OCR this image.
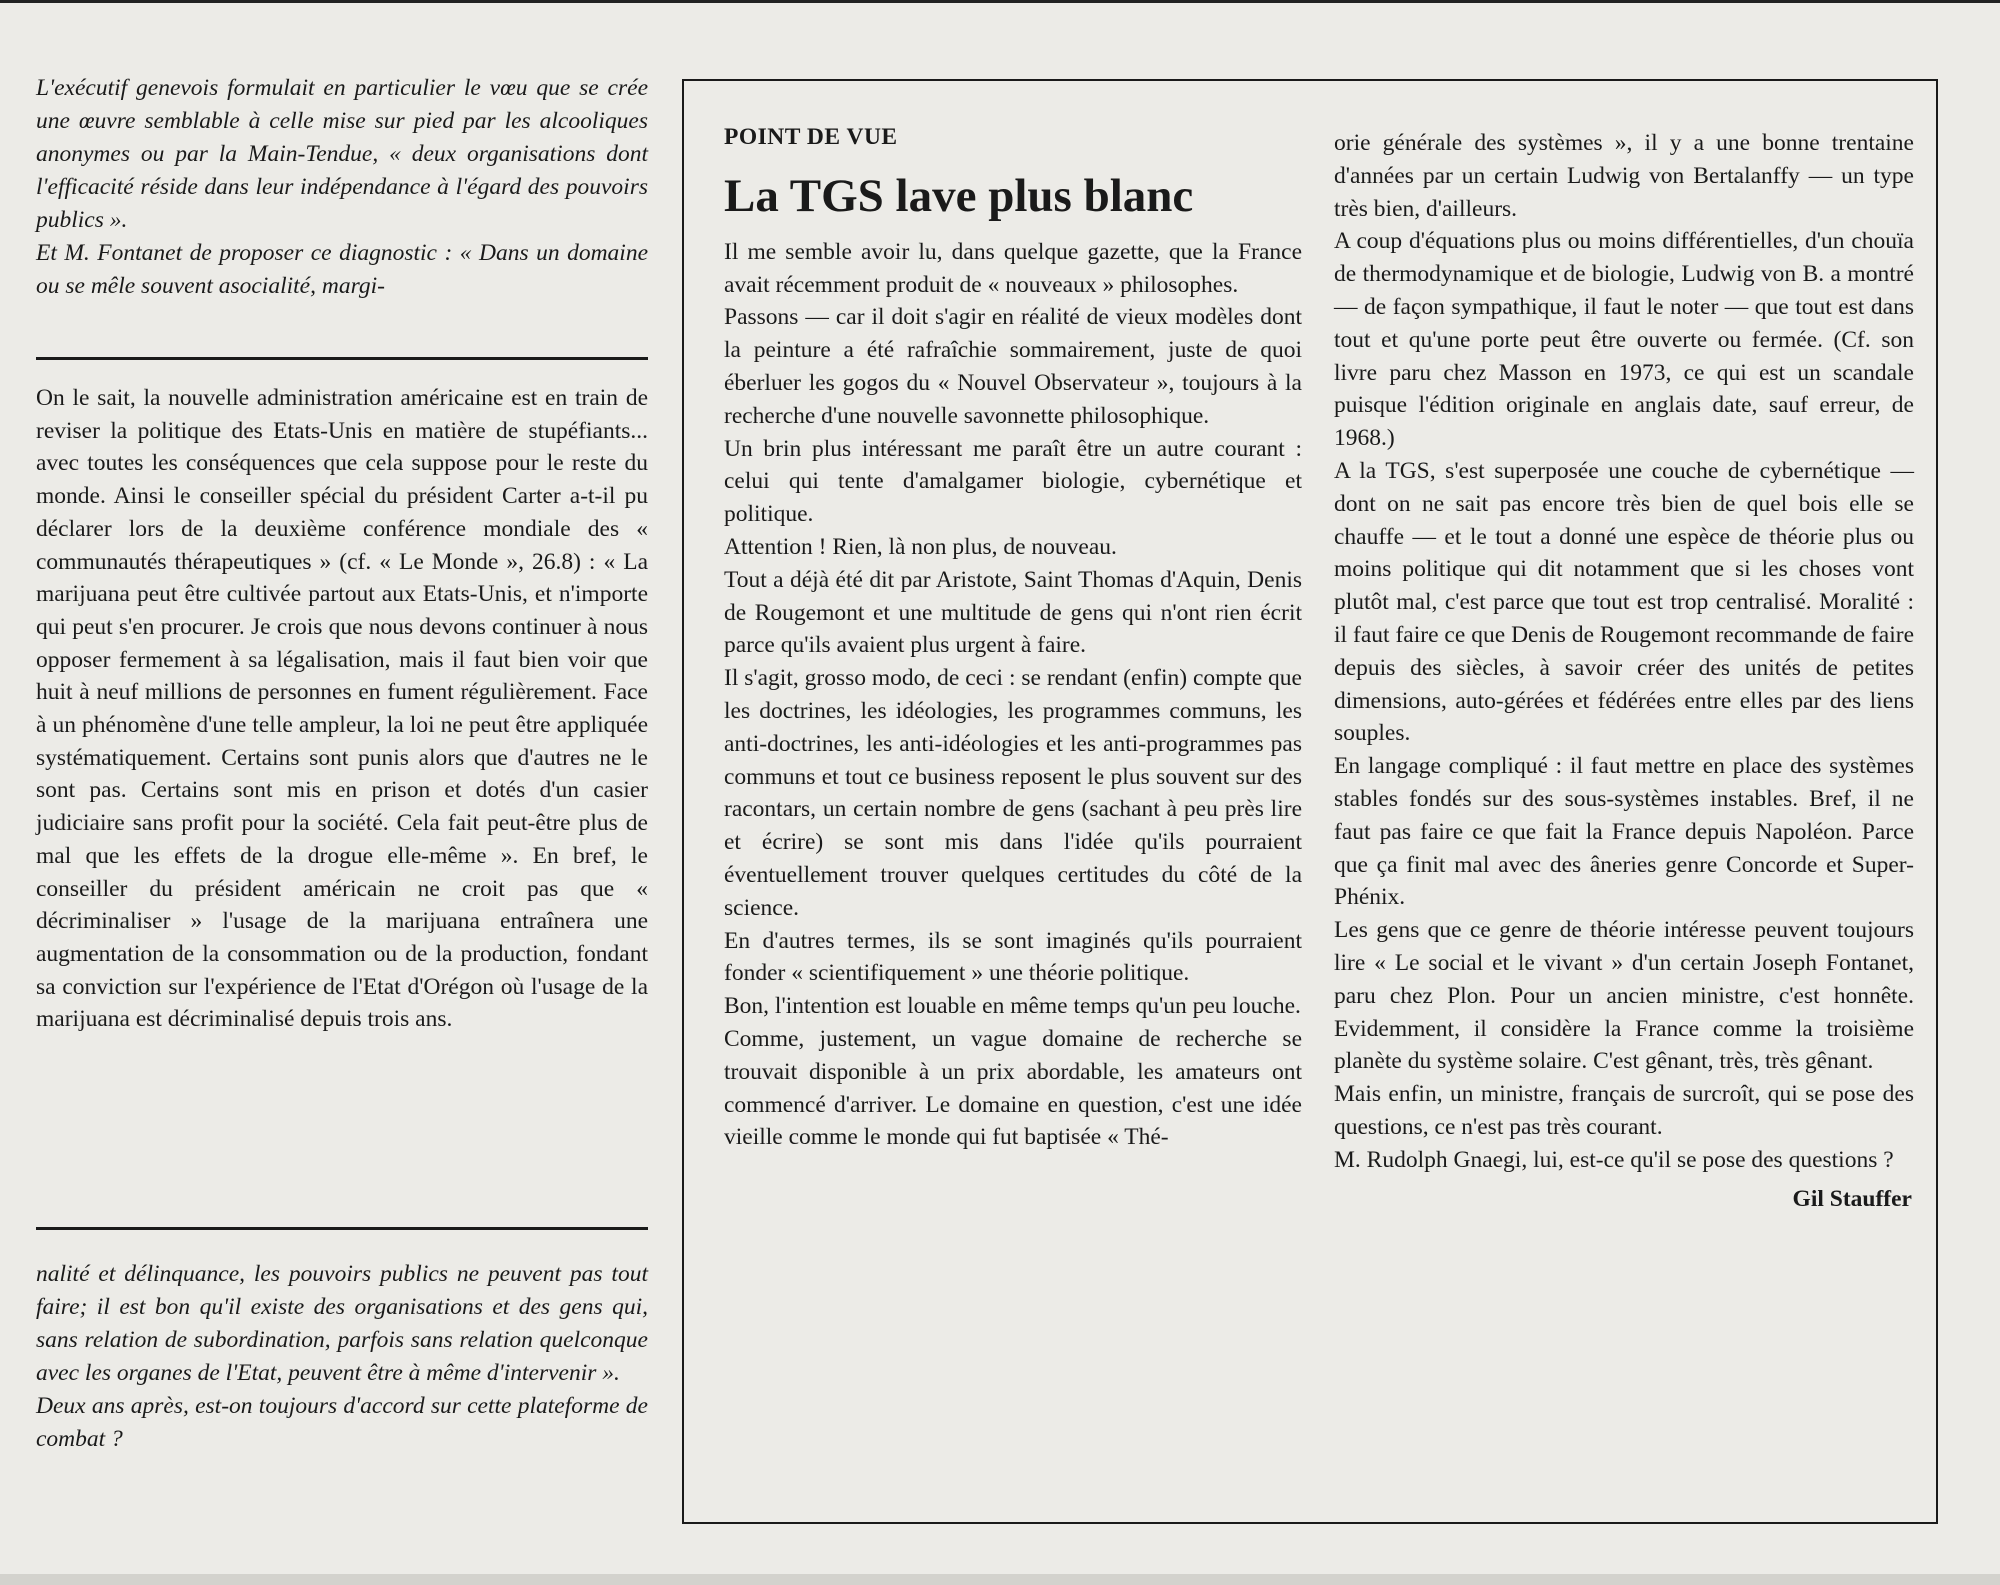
L'exécutif genevois formulait en particulier le vœu que se crée une œuvre semblable à celle mise sur pied par les alcooliques anonymes ou par la Main-Tendue, « deux organisations dont l'efficacité réside dans leur indépendance à l'égard des pouvoirs publics ».

Et M. Fontanet de proposer ce diagnostic : « Dans un domaine ou se mêle souvent asocialité, margi-

On le sait, la nouvelle administration américaine est en train de reviser la politique des Etats-Unis en matière de stupéfiants... avec toutes les conséquences que cela suppose pour le reste du monde. Ainsi le conseiller spécial du président Carter a-t-il pu déclarer lors de la deuxième conférence mondiale des « communautés thérapeutiques » (cf. « Le Monde », 26.8) : « La marijuana peut être cultivée partout aux Etats-Unis, et n'importe qui peut s'en procurer. Je crois que nous devons continuer à nous opposer fermement à sa légalisation, mais il faut bien voir que huit à neuf millions de personnes en fument régulièrement. Face à un phénomène d'une telle ampleur, la loi ne peut être appliquée systématiquement. Certains sont punis alors que d'autres ne le sont pas. Certains sont mis en prison et dotés d'un casier judiciaire sans profit pour la société. Cela fait peut-être plus de mal que les effets de la drogue elle-même ». En bref, le conseiller du président américain ne croit pas que « décriminaliser » l'usage de la marijuana entraînera une augmentation de la consommation ou de la production, fondant sa conviction sur l'expérience de l'Etat d'Orégon où l'usage de la marijuana est décriminalisé depuis trois ans.

nalité et délinquance, les pouvoirs publics ne peuvent pas tout faire; il est bon qu'il existe des organisations et des gens qui, sans relation de subordination, parfois sans relation quelconque avec les organes de l'Etat, peuvent être à même d'intervenir ».

Deux ans après, est-on toujours d'accord sur cette plateforme de combat ?

POINT DE VUE

La TGS lave plus blanc

Il me semble avoir lu, dans quelque gazette, que la France avait récemment produit de « nouveaux » philosophes.

Passons — car il doit s'agir en réalité de vieux modèles dont la peinture a été rafraîchie sommairement, juste de quoi éberluer les gogos du « Nouvel Observateur », toujours à la recherche d'une nouvelle savonnette philosophique.

Un brin plus intéressant me paraît être un autre courant : celui qui tente d'amalgamer biologie, cybernétique et politique.

Attention ! Rien, là non plus, de nouveau.

Tout a déjà été dit par Aristote, Saint Thomas d'Aquin, Denis de Rougemont et une multitude de gens qui n'ont rien écrit parce qu'ils avaient plus urgent à faire.

Il s'agit, grosso modo, de ceci : se rendant (enfin) compte que les doctrines, les idéologies, les programmes communs, les anti-doctrines, les anti-idéologies et les anti-programmes pas communs et tout ce business reposent le plus souvent sur des racontars, un certain nombre de gens (sachant à peu près lire et écrire) se sont mis dans l'idée qu'ils pourraient éventuellement trouver quelques certitudes du côté de la science.

En d'autres termes, ils se sont imaginés qu'ils pourraient fonder « scientifiquement » une théorie politique.

Bon, l'intention est louable en même temps qu'un peu louche.

Comme, justement, un vague domaine de recherche se trouvait disponible à un prix abordable, les amateurs ont commencé d'arriver. Le domaine en question, c'est une idée vieille comme le monde qui fut baptisée « Thé-

orie générale des systèmes », il y a une bonne trentaine d'années par un certain Ludwig von Bertalanffy — un type très bien, d'ailleurs.

A coup d'équations plus ou moins différentielles, d'un chouïa de thermodynamique et de biologie, Ludwig von B. a montré — de façon sympathique, il faut le noter — que tout est dans tout et qu'une porte peut être ouverte ou fermée. (Cf. son livre paru chez Masson en 1973, ce qui est un scandale puisque l'édition originale en anglais date, sauf erreur, de 1968.)

A la TGS, s'est superposée une couche de cybernétique — dont on ne sait pas encore très bien de quel bois elle se chauffe — et le tout a donné une espèce de théorie plus ou moins politique qui dit notamment que si les choses vont plutôt mal, c'est parce que tout est trop centralisé. Moralité : il faut faire ce que Denis de Rougemont recommande de faire depuis des siècles, à savoir créer des unités de petites dimensions, auto-gérées et fédérées entre elles par des liens souples.

En langage compliqué : il faut mettre en place des systèmes stables fondés sur des sous-systèmes instables. Bref, il ne faut pas faire ce que fait la France depuis Napoléon. Parce que ça finit mal avec des âneries genre Concorde et Super-Phénix.

Les gens que ce genre de théorie intéresse peuvent toujours lire « Le social et le vivant » d'un certain Joseph Fontanet, paru chez Plon. Pour un ancien ministre, c'est honnête. Evidemment, il considère la France comme la troisième planète du système solaire. C'est gênant, très, très gênant.

Mais enfin, un ministre, français de surcroît, qui se pose des questions, ce n'est pas très courant.

M. Rudolph Gnaegi, lui, est-ce qu'il se pose des questions ?

Gil Stauffer
